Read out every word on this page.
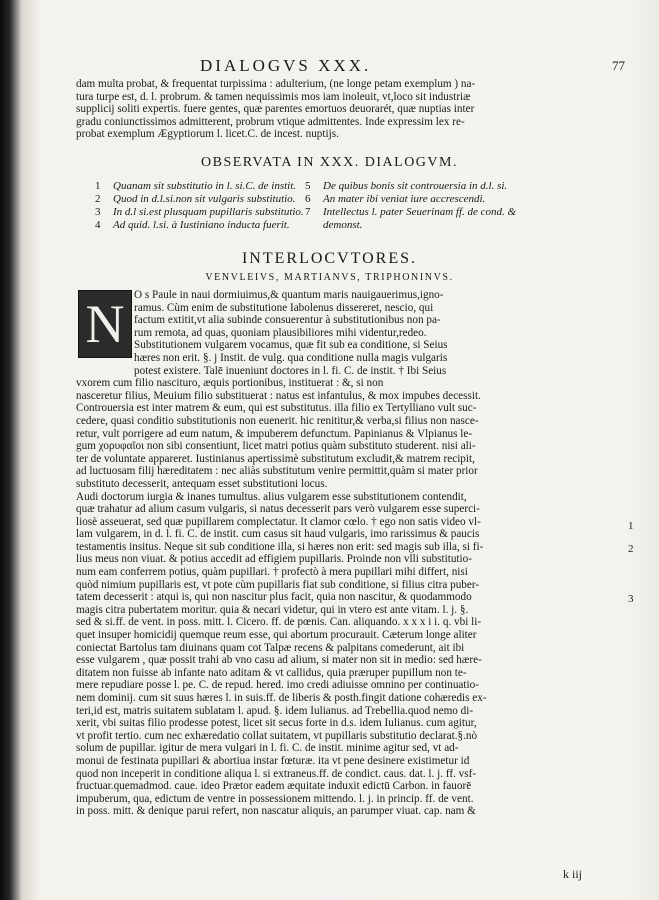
DIALOGVS XXX.	77
dam multa probat, & frequentat turpissima : adulterium, (ne longe petam exemplum ) na-
tura turpe est, d. l. probrum. & tamen nequissimis mos iam inoleuit, vt,loco sit industriæ
supplicij soliti expertis. fuere gentes, quæ parentes emortuos deuorarét, quæ nuptias inter
gradu coniunctissimos admitterent, probrum vtique admittentes. Inde expressim lex re-
probat exemplum Ægyptiorum l. licet.C. de incest. nuptijs.
OBSERVATA IN XXX. DIALOGVM.
1 Quanam sit substitutio in l. si.C. de instit.
2 Quod in d.l.si.non sit vulgaris substitutio.
3 In d.l si.est plusquam pupillaris substitutio.
4 Ad quid. l.si. à Iustiniano inducta fuerit.
5 De quibus bonis sit controuersia in d.l. si.
6 An mater ibi veniat iure accrescendi.
7 Intellectus l. pater Seuerinam ff. de cond. &
demonst.
INTERLOCVTORES.
VENVLEIVS, MARTIANVS, TRIPHONINVS.
N O s Paule in naui dormiuimus,& quantum maris nauigauerimus,igno-
ramus. Cùm enim de substitutione Iabolenus dissereret, nescio, qui
factum extitit,vt alia subinde consuerentur à substitutionibus non pa-
rum remota, ad quas, quoniam plausibiliores mihi videntur,redeo.
Substitutionem vulgarem vocamus, quæ fit sub ea conditione, si Seius
hæres non erit. §. j Instit. de vulg. qua conditione nulla magis vulgaris
potest existere. Talē inueniunt doctores in l. fi. C. de instit. † Ibi Seius
vxorem cum filio nascituro, æquis portionibus, instituerat : &, si non
nasceretur filius, Meuium filio substituerat : natus est infantulus, & mox impubes decessit.
Controuersia est inter matrem & eum, qui est substitutus. illa filio ex Tertylliano vult suc-
cedere, quasi conditio substitutionis non euenerit. hic renititur,& verba,si filius non nasce-
retur, vult porrigere ad eum natum, & impuberem defunctum. Papinianus & Vlpianus le-
gum χορυφαῖοι non sibi consentiunt, licet matri potius quàm substituto studerent. nisi ali-
ter de voluntate appareret. Iustinianus apertissimè substitutum excludit,& matrem recipit,
ad luctuosam filij hæreditatem : nec aliàs substitutum venire permittit,quàm si mater prior
substituto decesserit, antequam esset substitutioni locus.
Audi doctorum iurgia & inanes tumultus. alius vulgarem esse substitutionem contendit,
quæ trahatur ad alium casum vulgaris, si natus decesserit pars verò vulgarem esse superci-
liosè asseuerat, sed quæ pupillarem complectatur. It clamor cœlo. † ego non satis video vl-
lam vulgarem, in d. l. fi. C. de instit. cum casus sit haud vulgaris, imo rarissimus & paucis
testamentis insitus. Neque sit sub conditione illa, si hæres non erit: sed magis sub illa, si fi-
lius meus non viuat. & potius accedit ad effigiem pupillaris. Proinde non vlli substitutio-
num eam conferrem potius, quàm pupillari. † profectò à mera pupillari mihi differt, nisi
quòd nimium pupillaris est, vt pote cùm pupillaris fiat sub conditione, si filius citra puber-
tatem decesserit : atqui is, qui non nascitur plus facit, quia non nascitur, & quodammodo
magis citra pubertatem moritur. quia & necari videtur, qui in vtero est ante vitam. l. j. §.
sed & si.ff. de vent. in poss. mitt. l. Cicero. ff. de pœnis. Can. aliquando. x x x i i. q. vbi li-
quet insuper homicidij quemque reum esse, qui abortum procurauit. Cæterum longe aliter
coniectat Bartolus tam diuinans quam cot Talpæ recens & palpitans comederunt, ait ibi
esse vulgarem , quæ possit trahi ab vno casu ad alium, si mater non sit in medio: sed hære-
ditatem non fuisse ab infante nato aditam & vt callidus, quia præruper pupillum non te-
mere repudiare posse l. pe. C. de repud. hered. imo credi adiuisse omnino per continuatio-
nem dominij. cum sit suus hæres l. in suis.ff. de liberis & posth.fingit datione cohæredis ex-
teri,id est, matris suitatem sublatam l. apud. §. idem Iulianus. ad Trebellia.quod nemo di-
xerit, vbi suitas filio prodesse potest, licet sit secus forte in d.s. idem Iulianus. cum agitur,
vt profit tertio. cum nec exhæredatio collat suitatem, vt pupillaris substitutio declarat.§.nò
solum de pupillar. igitur de mera vulgari in l. fi. C. de instit. minime agitur sed, vt ad-
monui de festinata pupillari & abortiua instar fœturæ. ita vt pene desinere existimetur id
quod non inceperit in conditione aliqua l. si extraneus.ff. de condict. caus. dat. l. j. ff. vsf-
fructuar.quemadmod. caue. ideo Prætor eadem æquitate induxit edictū Carbon. in fauorē
impuberum, qua, edictum de ventre in possessionem mittendo. l. j. in princip. ff. de vent.
in poss. mitt. & denique parui refert, non nascatur aliquis, an parumper viuat. cap. nam &
1
2
3
k iij
